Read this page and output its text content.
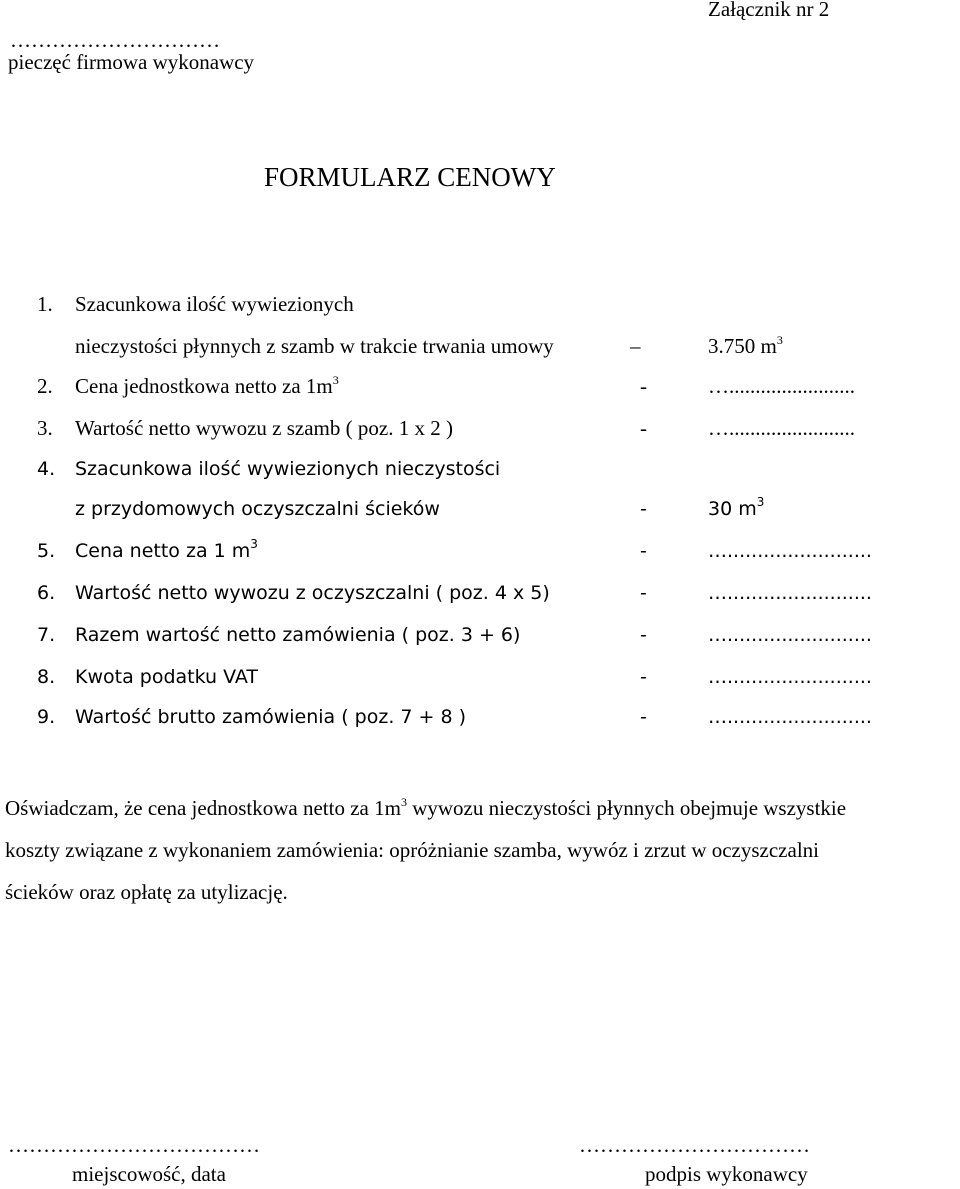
Załącznik nr 2
…………………………
pieczęć firmowa wykonawcy
FORMULARZ CENOWY
1. Szacunkowa ilość wywiezionych
nieczystości płynnych z szamb w trakcie trwania umowy	–	3.750 $m^3$
2. Cena jednostkowa netto za $1m^3$	-	…........................
3. Wartość netto wywozu z szamb ( poz. 1 x 2 )	-	…........................
4. Szacunkowa ilość wywiezionych nieczystości
z przydomowych oczyszczalni ścieków	-	30 $m^3$
5. Cena netto za 1 $m^3$	-	…........................
6. Wartość netto wywozu z oczyszczalni ( poz. 4 x 5)	-	…........................
7. Razem wartość netto zamówienia ( poz. 3 + 6)	-	…........................
8. Kwota podatku VAT	-	…........................
9. Wartość brutto zamówienia ( poz. 7 + 8 )	-	…........................
Oświadczam, że cena jednostkowa netto za $1m^3$ wywozu nieczystości płynnych obejmuje wszystkie
koszty związane z wykonaniem zamówienia: opróżnianie szamba, wywóz i zrzut w oczyszczalni
ścieków oraz opłatę za utylizację.
………………………………
miejscowość, data
……………………………
podpis wykonawcy
